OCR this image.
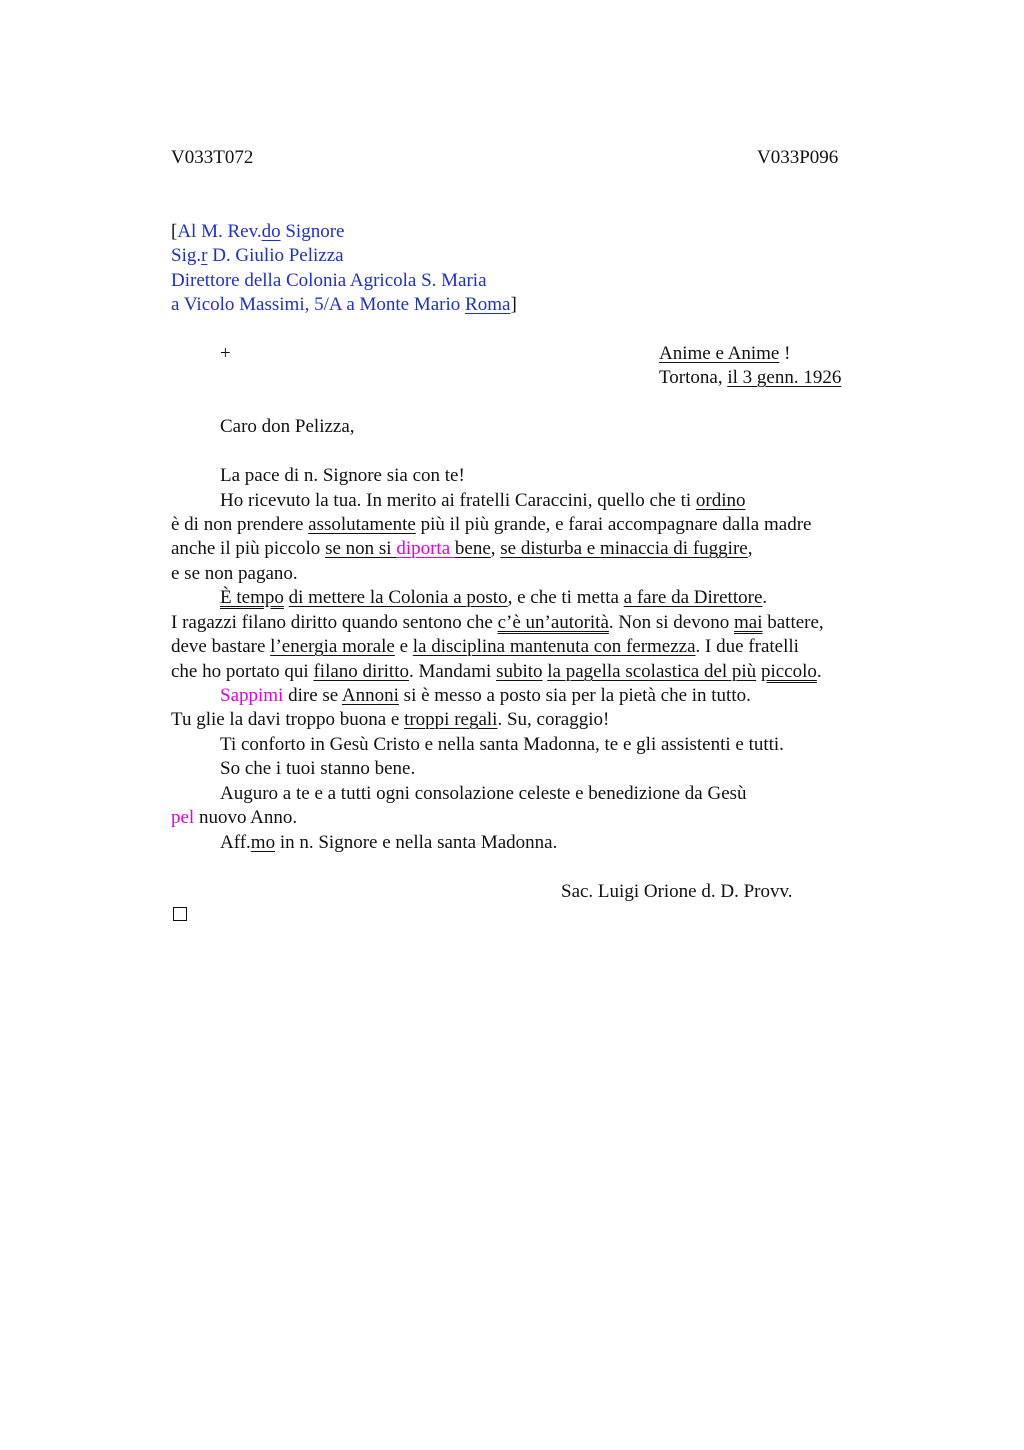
V033T072	V033P096
[Al M. Rev.do Signore
Sig.r D. Giulio Pelizza
Direttore della Colonia Agricola S. Maria
a Vicolo Massimi, 5/A a Monte Mario Roma]
+	Anime e Anime !
Tortona, il 3 genn. 1926
Caro don Pelizza,
La pace di n. Signore sia con te!
Ho ricevuto la tua. In merito ai fratelli Caraccini, quello che ti ordino
è di non prendere assolutamente più il più grande, e farai accompagnare dalla madre
anche il più piccolo se non si diporta bene, se disturba e minaccia di fuggire,
e se non pagano.
È tempo di mettere la Colonia a posto, e che ti metta a fare da Direttore.
I ragazzi filano diritto quando sentono che c’è un’autorità. Non si devono mai battere,
deve bastare l’energia morale e la disciplina mantenuta con fermezza. I due fratelli
che ho portato qui filano diritto. Mandami subito la pagella scolastica del più piccolo.
Sappimi dire se Annoni si è messo a posto sia per la pietà che in tutto.
Tu glie la davi troppo buona e troppi regali. Su, coraggio!
Ti conforto in Gesù Cristo e nella santa Madonna, te e gli assistenti e tutti.
So che i tuoi stanno bene.
Auguro a te e a tutti ogni consolazione celeste e benedizione da Gesù
pel nuovo Anno.
Aff.mo in n. Signore e nella santa Madonna.
Sac. Luigi Orione d. D. Provv.
